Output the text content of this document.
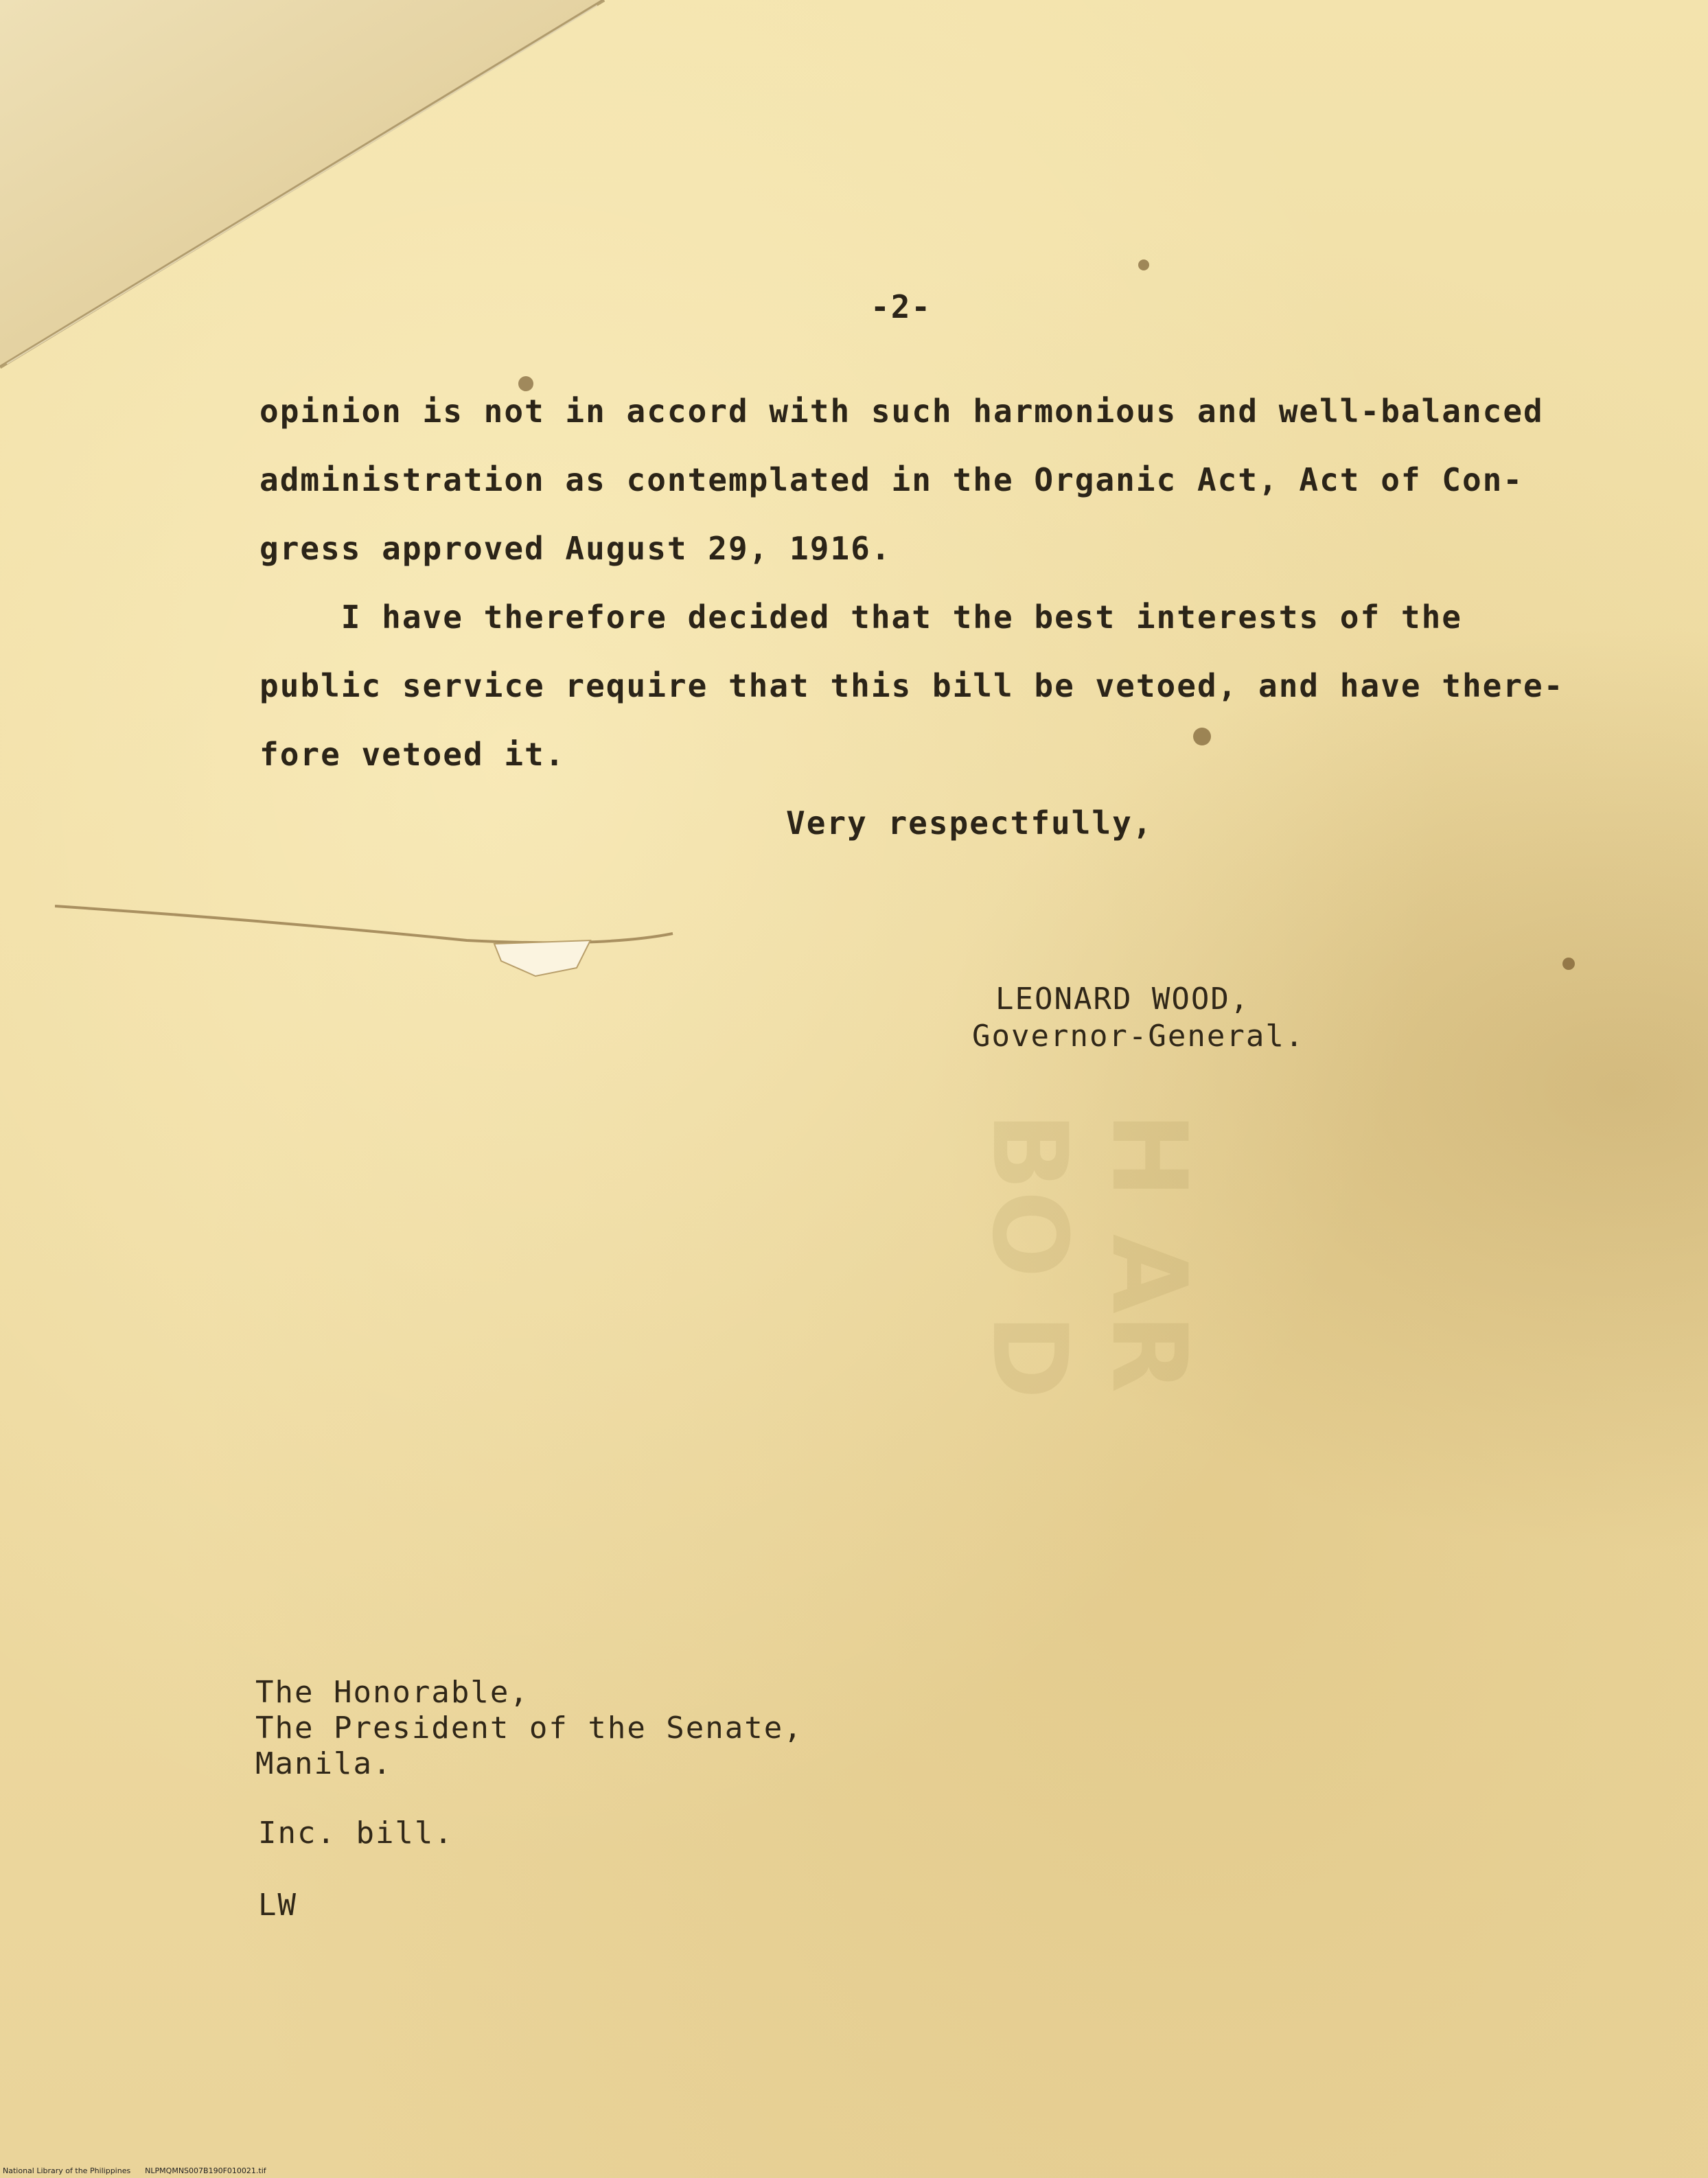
H AR BO D
-2-
opinion is not in accord with such harmonious and well-balanced
administration as contemplated in the Organic Act, Act of Con-
gress approved August 29, 1916.
I have therefore decided that the best interests of the
public service require that this bill be vetoed, and have there-
fore vetoed it.
Very respectfully,
LEONARD WOOD,
Governor-General.
The Honorable,
The President of the Senate,
Manila.
Inc. bill.
LW
National Library of the Philippines      NLPMQMNS007B190F010021.tif
